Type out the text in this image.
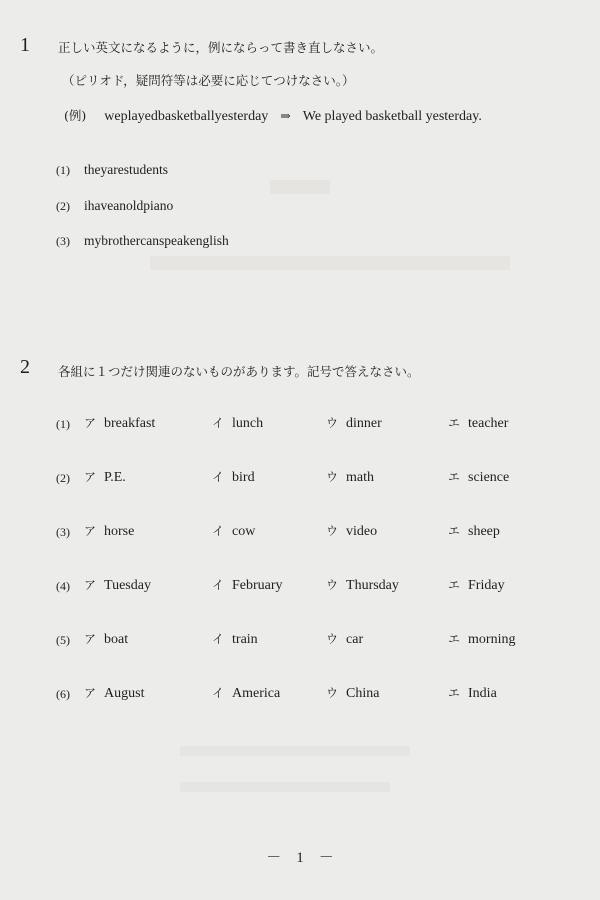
1 正しい英文になるように，例にならって書き直しなさい。
（ピリオド，疑問符等は必要に応じてつけなさい。）
(例) weplayedbasketballyesterday ⇒ We played basketball yesterday.
(1) theyarestudents
(2) ihaveanoldpiano
(3) mybrothercanspeakenglish
2 各組に１つだけ関連のないものがあります。記号で答えなさい。
(1) ア breakfast	イ lunch	ウ dinner	エ teacher
(2) ア P.E.	イ bird	ウ math	エ science
(3) ア horse	イ cow	ウ video	エ sheep
(4) ア Tuesday	イ February	ウ Thursday	エ Friday
(5) ア boat	イ train	ウ car	エ morning
(6) ア August	イ America	ウ China	エ India
－　1　－
